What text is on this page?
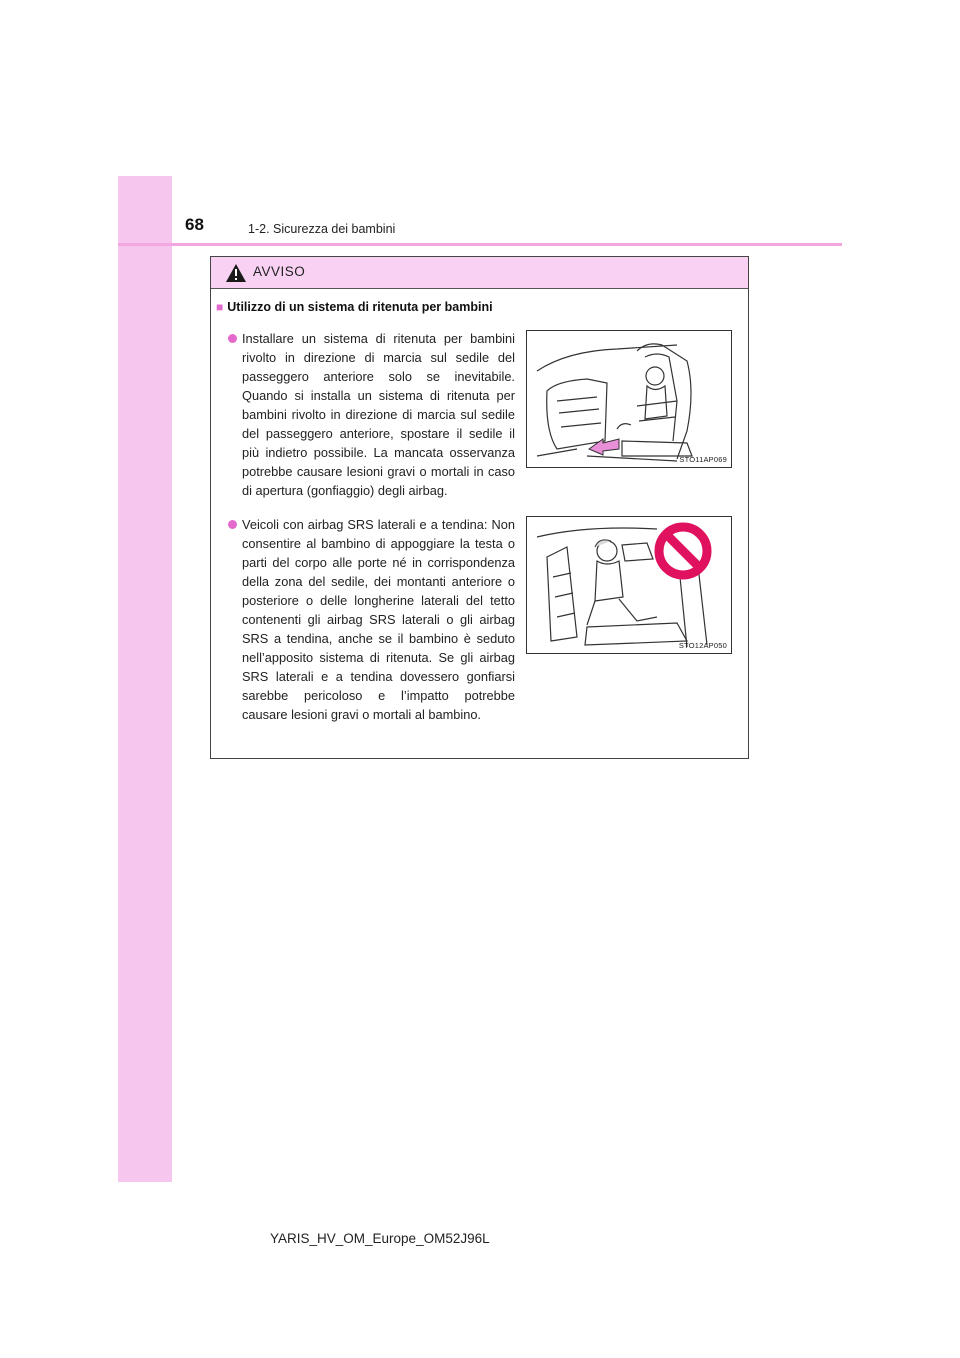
68	1-2. Sicurezza dei bambini
AVVISO
■ Utilizzo di un sistema di ritenuta per bambini

Installare un sistema di ritenuta per bambini rivolto in direzione di marcia sul sedile del passeggero anteriore solo se inevitabile. Quando si installa un sistema di ritenuta per bambini rivolto in direzione di marcia sul sedile del passeggero anteriore, spostare il sedile il più indietro possibile. La mancata osservanza potrebbe causare lesioni gravi o mortali in caso di apertura (gonfiaggio) degli airbag.

STO11AP069

Veicoli con airbag SRS laterali e a tendina: Non consentire al bambino di appoggiare la testa o parti del corpo alle porte né in corrispondenza della zona del sedile, dei montanti anteriore o posteriore o delle longherine laterali del tetto contenenti gli airbag SRS laterali o gli airbag SRS a tendina, anche se il bambino è seduto nell’apposito sistema di ritenuta. Se gli airbag SRS laterali e a tendina dovessero gonfiarsi sarebbe pericoloso e l’impatto potrebbe causare lesioni gravi o mortali al bambino.

STO12AP050
YARIS_HV_OM_Europe_OM52J96L
